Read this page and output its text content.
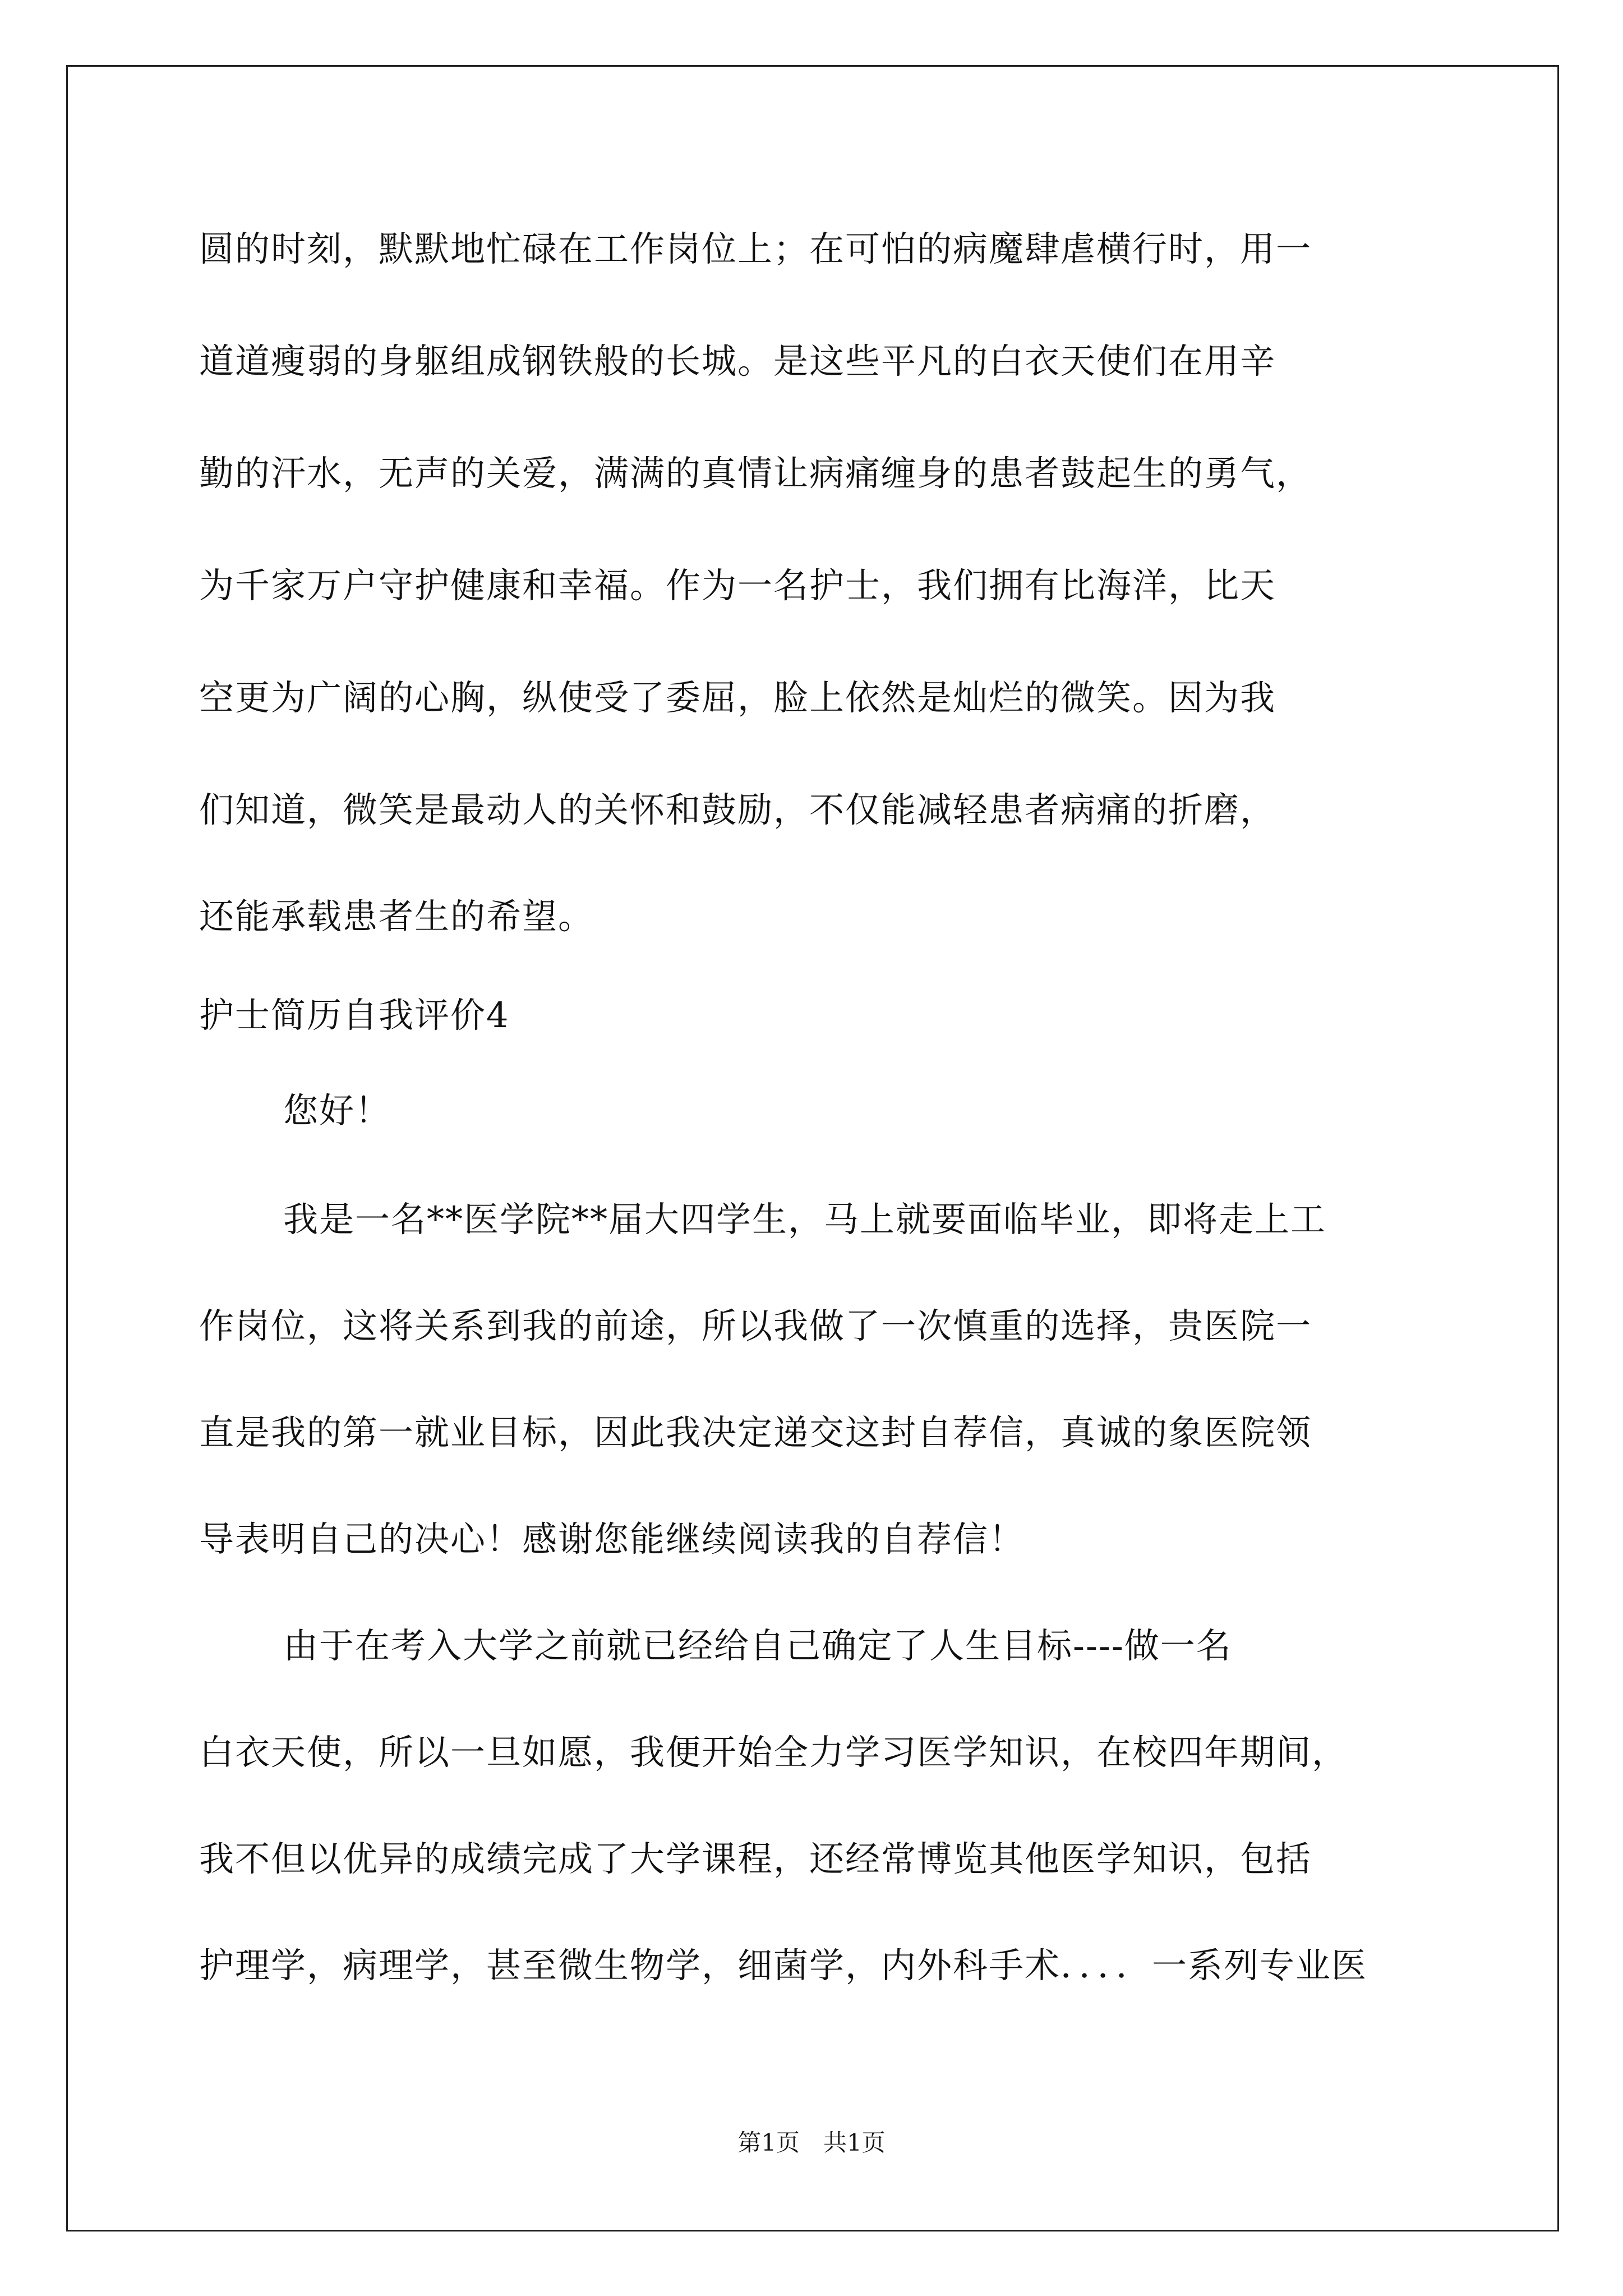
圆的时刻，默默地忙碌在工作岗位上；在可怕的病魔肆虐横行时，用一
道道瘦弱的身躯组成钢铁般的长城。是这些平凡的白衣天使们在用辛
勤的汗水，无声的关爱，满满的真情让病痛缠身的患者鼓起生的勇气，
为千家万户守护健康和幸福。作为一名护士，我们拥有比海洋，比天
空更为广阔的心胸，纵使受了委屈，脸上依然是灿烂的微笑。因为我
们知道，微笑是最动人的关怀和鼓励，不仅能减轻患者病痛的折磨，
还能承载患者生的希望。
护士简历自我评价4
您好！
我是一名**医学院**届大四学生，马上就要面临毕业，即将走上工
作岗位，这将关系到我的前途，所以我做了一次慎重的选择，贵医院一
直是我的第一就业目标，因此我决定递交这封自荐信，真诚的象医院领
导表明自己的决心！感谢您能继续阅读我的自荐信！
由于在考入大学之前就已经给自己确定了人生目标----做一名
白衣天使，所以一旦如愿，我便开始全力学习医学知识，在校四年期间，
我不但以优异的成绩完成了大学课程，还经常博览其他医学知识，包括
护理学，病理学，甚至微生物学，细菌学，内外科手术．．．．一系列专业医
第1页　共1页
